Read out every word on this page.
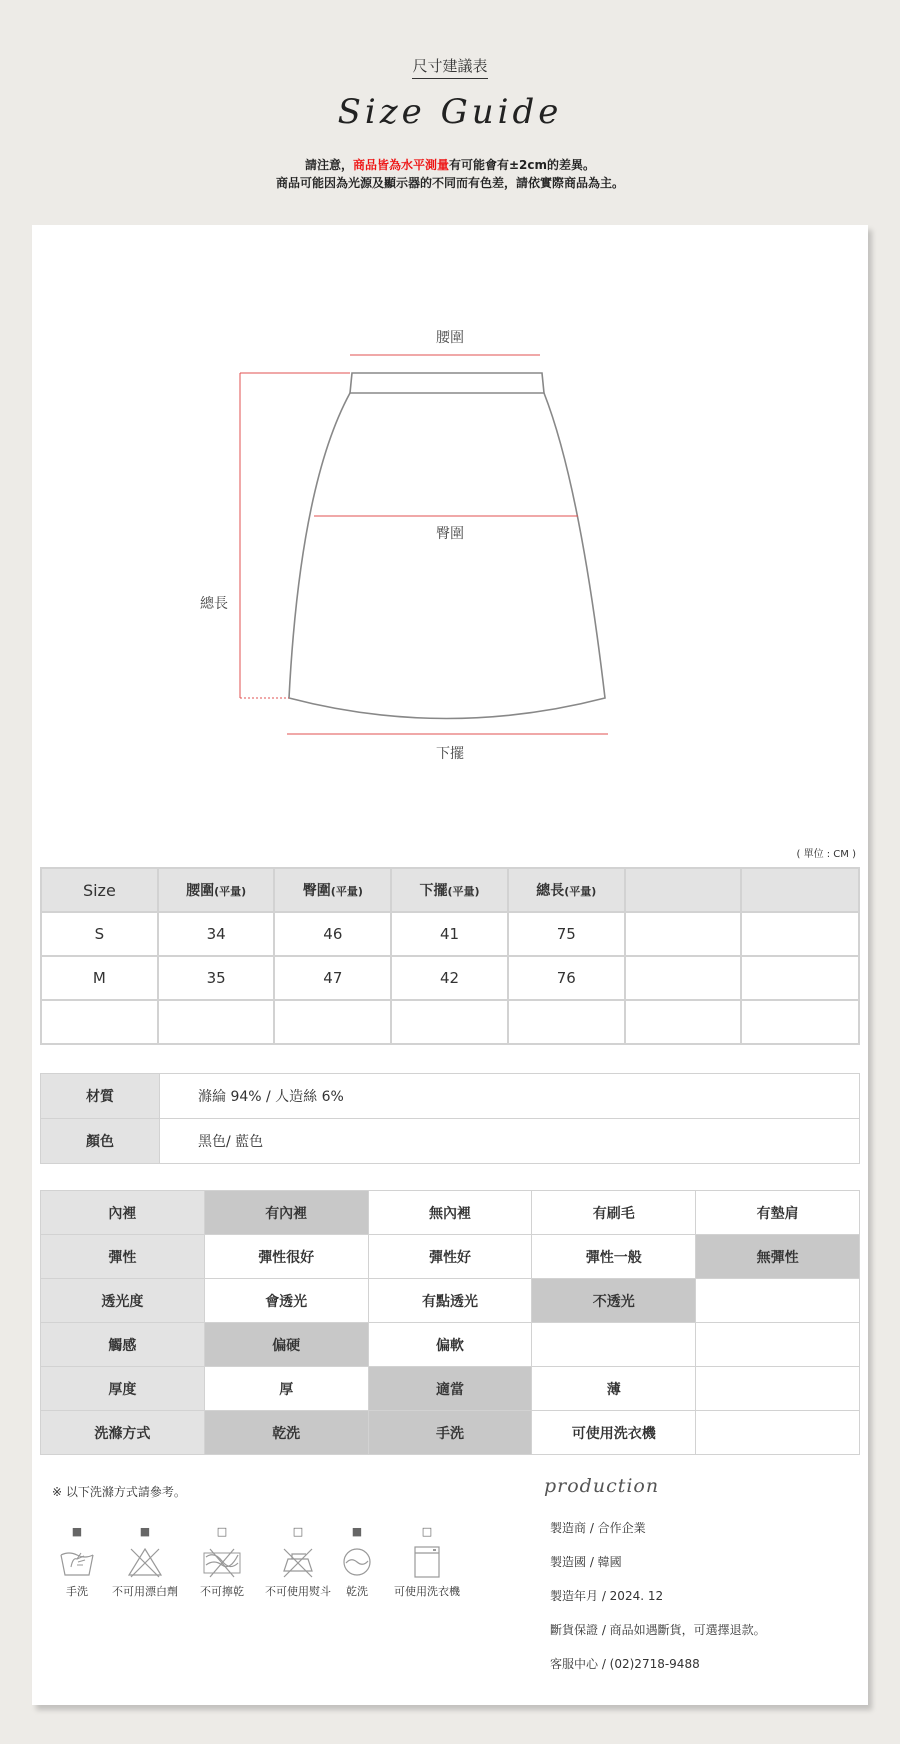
尺寸建議表
Size Guide
請注意，商品皆為水平測量有可能會有±2cm的差異。
商品可能因為光源及顯示器的不同而有色差，請依實際商品為主。
腰圍
臀圍
總長
下擺
( 單位 : CM )
Size	腰圍(平量)	臀圍(平量)	下擺(平量)	總長(平量)		
S	34	46	41	75		
M	35	47	42	76		

材質	滌綸 94% / 人造絲 6%
顏色	黑色/ 藍色
內裡	有內裡	無內裡	有刷毛	有墊肩
彈性	彈性很好	彈性好	彈性一般	無彈性
透光度	會透光	有點透光	不透光	
觸感	偏硬	偏軟		
厚度	厚	適當	薄	
洗滌方式	乾洗	手洗	可使用洗衣機	
※ 以下洗滌方式請參考。
■
手洗
■
不可用漂白劑
□
不可擰乾
□
不可使用熨斗
■
乾洗
□
可使用洗衣機
production
製造商 / 合作企業
製造國 / 韓國
製造年月 / 2024. 12
斷貨保證 / 商品如遇斷貨，可選擇退款。
客服中心 / (02)2718-9488
